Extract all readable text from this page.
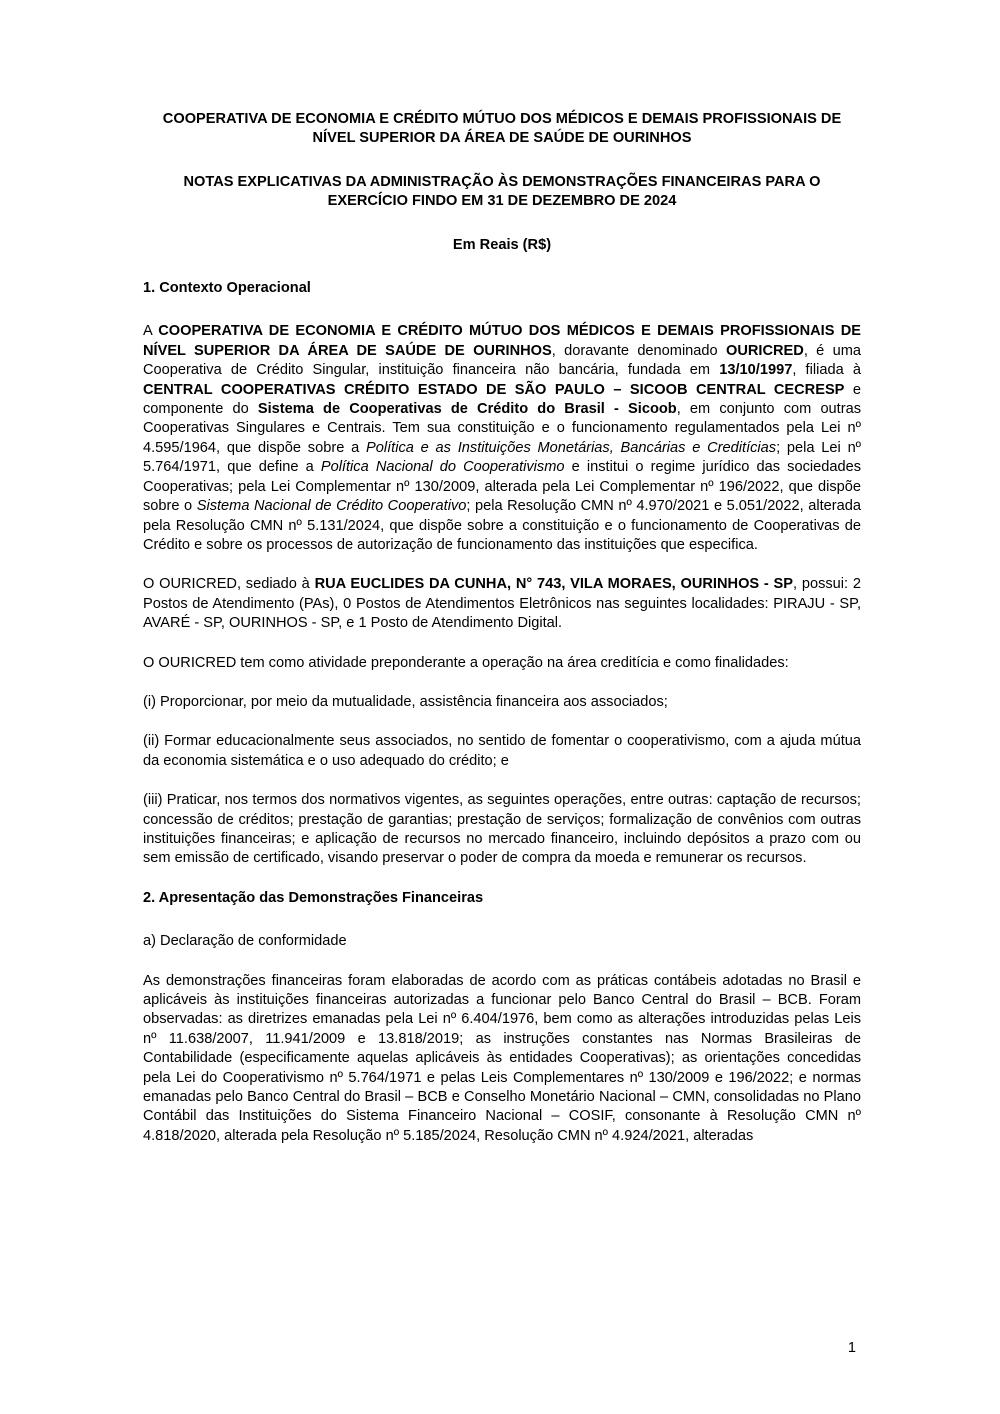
COOPERATIVA DE ECONOMIA E CRÉDITO MÚTUO DOS MÉDICOS E DEMAIS PROFISSIONAIS DE NÍVEL SUPERIOR DA ÁREA DE SAÚDE DE OURINHOS

NOTAS EXPLICATIVAS DA ADMINISTRAÇÃO ÀS DEMONSTRAÇÕES FINANCEIRAS PARA O EXERCÍCIO FINDO EM 31 DE DEZEMBRO DE 2024

Em Reais (R$)

1. Contexto Operacional

A COOPERATIVA DE ECONOMIA E CRÉDITO MÚTUO DOS MÉDICOS E DEMAIS PROFISSIONAIS DE NÍVEL SUPERIOR DA ÁREA DE SAÚDE DE OURINHOS, doravante denominado OURICRED, é uma Cooperativa de Crédito Singular, instituição financeira não bancária, fundada em 13/10/1997, filiada à CENTRAL COOPERATIVAS CRÉDITO ESTADO DE SÃO PAULO – SICOOB CENTRAL CECRESP e componente do Sistema de Cooperativas de Crédito do Brasil - Sicoob, em conjunto com outras Cooperativas Singulares e Centrais. Tem sua constituição e o funcionamento regulamentados pela Lei nº 4.595/1964, que dispõe sobre a Política e as Instituições Monetárias, Bancárias e Creditícias; pela Lei nº 5.764/1971, que define a Política Nacional do Cooperativismo e institui o regime jurídico das sociedades Cooperativas; pela Lei Complementar nº 130/2009, alterada pela Lei Complementar nº 196/2022, que dispõe sobre o Sistema Nacional de Crédito Cooperativo; pela Resolução CMN nº 4.970/2021 e 5.051/2022, alterada pela Resolução CMN nº 5.131/2024, que dispõe sobre a constituição e o funcionamento de Cooperativas de Crédito e sobre os processos de autorização de funcionamento das instituições que especifica.

O OURICRED, sediado à RUA EUCLIDES DA CUNHA, N° 743, VILA MORAES, OURINHOS - SP, possui: 2 Postos de Atendimento (PAs), 0 Postos de Atendimentos Eletrônicos nas seguintes localidades: PIRAJU - SP, AVARÉ - SP, OURINHOS - SP, e 1 Posto de Atendimento Digital.

O OURICRED tem como atividade preponderante a operação na área creditícia e como finalidades:

(i) Proporcionar, por meio da mutualidade, assistência financeira aos associados;

(ii) Formar educacionalmente seus associados, no sentido de fomentar o cooperativismo, com a ajuda mútua da economia sistemática e o uso adequado do crédito; e

(iii) Praticar, nos termos dos normativos vigentes, as seguintes operações, entre outras: captação de recursos; concessão de créditos; prestação de garantias; prestação de serviços; formalização de convênios com outras instituições financeiras; e aplicação de recursos no mercado financeiro, incluindo depósitos a prazo com ou sem emissão de certificado, visando preservar o poder de compra da moeda e remunerar os recursos.

2. Apresentação das Demonstrações Financeiras

a) Declaração de conformidade

As demonstrações financeiras foram elaboradas de acordo com as práticas contábeis adotadas no Brasil e aplicáveis às instituições financeiras autorizadas a funcionar pelo Banco Central do Brasil – BCB. Foram observadas: as diretrizes emanadas pela Lei nº 6.404/1976, bem como as alterações introduzidas pelas Leis nº 11.638/2007, 11.941/2009 e 13.818/2019; as instruções constantes nas Normas Brasileiras de Contabilidade (especificamente aquelas aplicáveis às entidades Cooperativas); as orientações concedidas pela Lei do Cooperativismo nº 5.764/1971 e pelas Leis Complementares nº 130/2009 e 196/2022; e normas emanadas pelo Banco Central do Brasil – BCB e Conselho Monetário Nacional – CMN, consolidadas no Plano Contábil das Instituições do Sistema Financeiro Nacional – COSIF, consonante à Resolução CMN nº 4.818/2020, alterada pela Resolução nº 5.185/2024, Resolução CMN nº 4.924/2021, alteradas

1
